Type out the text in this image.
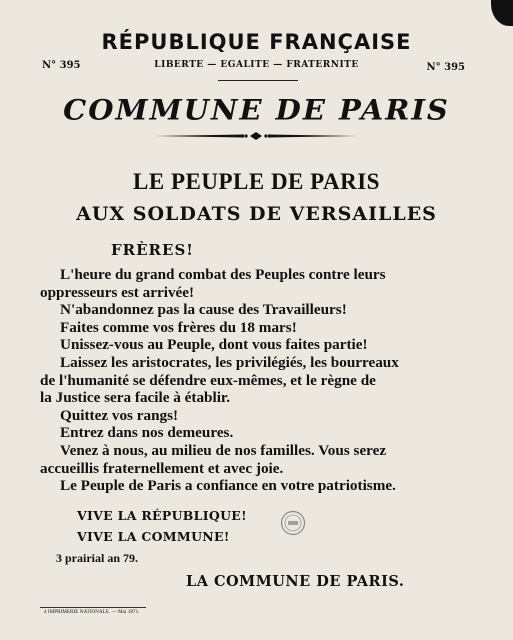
RÉPUBLIQUE FRANÇAISE
N° 395	LIBERTE — EGALITE — FRATERNITE	N° 395
COMMUNE DE PARIS
LE PEUPLE DE PARIS
AUX SOLDATS DE VERSAILLES
FRÈRES!
L'heure du grand combat des Peuples contre leurs
oppresseurs est arrivée!
N'abandonnez pas la cause des Travailleurs!
Faites comme vos frères du 18 mars!
Unissez-vous au Peuple, dont vous faites partie!
Laissez les aristocrates, les privilégiés, les bourreaux
de l'humanité se défendre eux-mêmes, et le règne de
la Justice sera facile à établir.
Quittez vos rangs!
Entrez dans nos demeures.
Venez à nous, au milieu de nos familles. Vous serez
accueillis fraternellement et avec joie.
Le Peuple de Paris a confiance en votre patriotisme.
VIVE LA RÉPUBLIQUE!
VIVE LA COMMUNE!
3 prairial an 79.
LA COMMUNE DE PARIS.
4 IMPRIMERIE NATIONALE. — Mai 1871.
